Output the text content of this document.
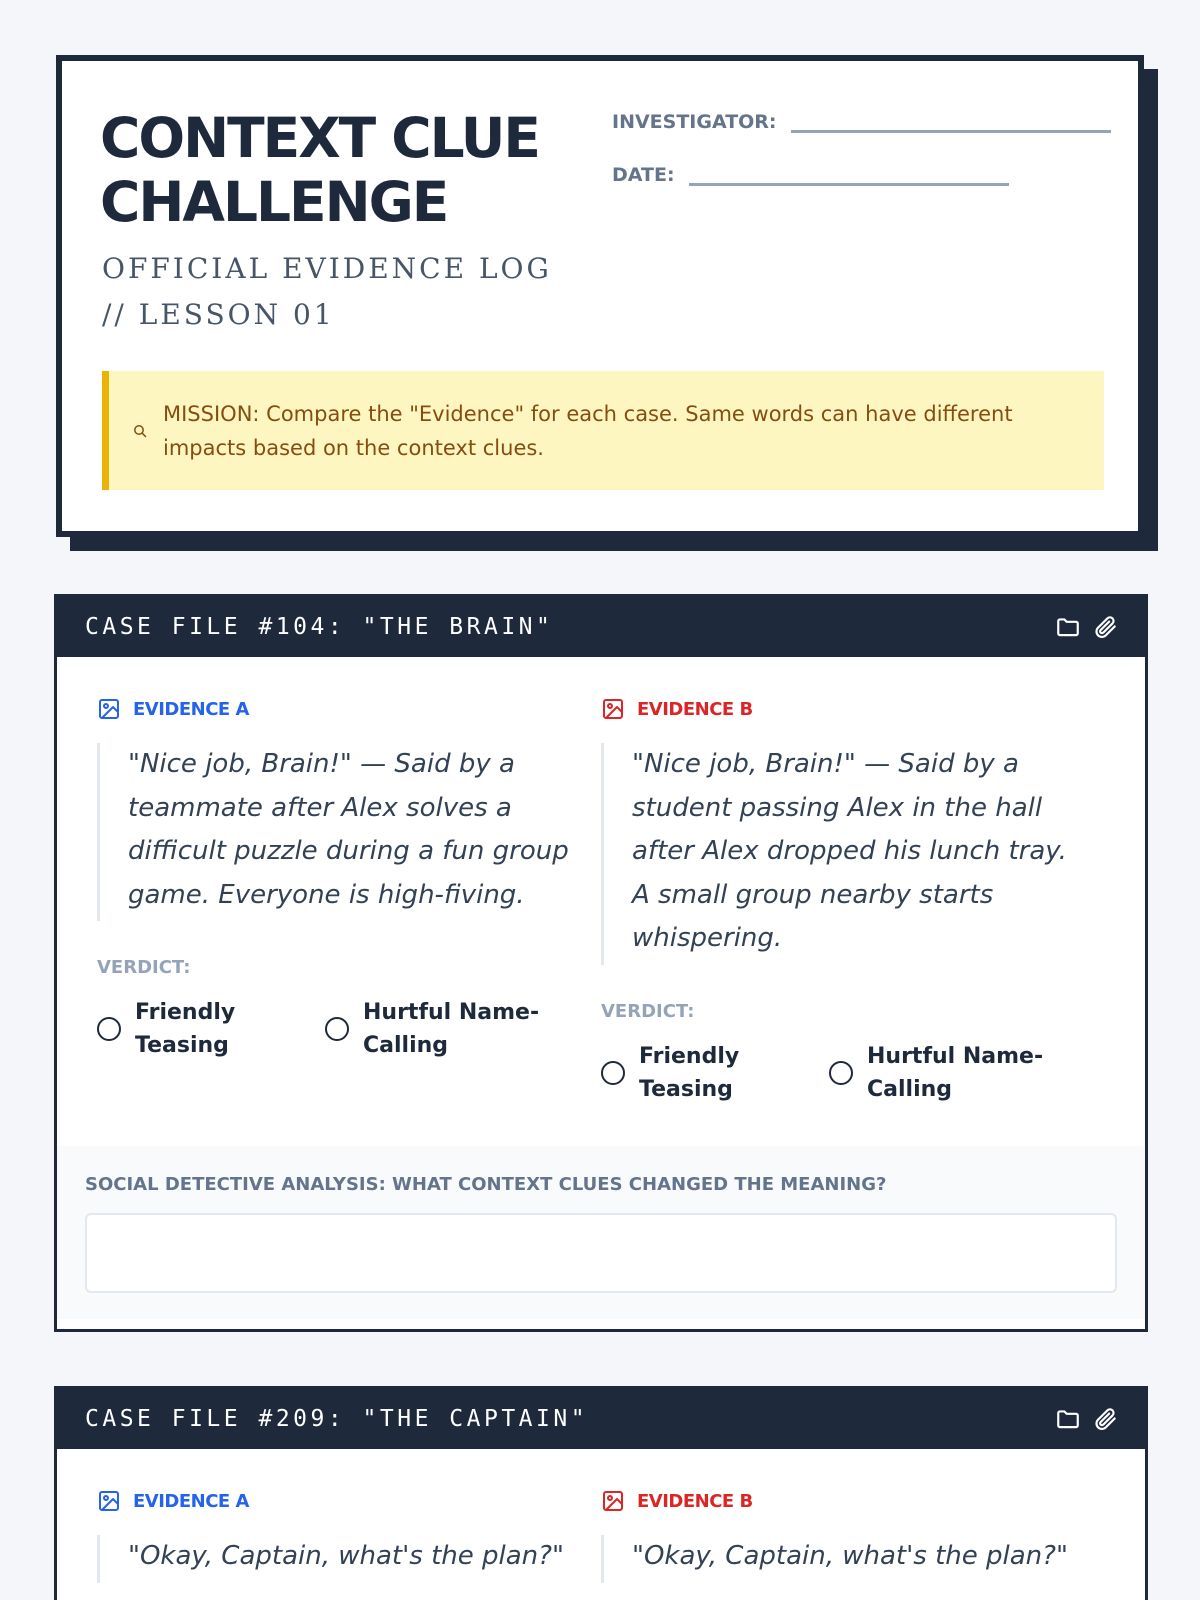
CONTEXT CLUE CHALLENGE
OFFICIAL EVIDENCE LOG // LESSON 01
INVESTIGATOR:
DATE:
MISSION: Compare the "Evidence" for each case. Same words can have different impacts based on the context clues.
CASE FILE #104: "THE BRAIN"
EVIDENCE A
"Nice job, Brain!" — Said by a teammate after Alex solves a difficult puzzle during a fun group game. Everyone is high-fiving.
VERDICT:
Friendly Teasing
Hurtful Name-Calling
EVIDENCE B
"Nice job, Brain!" — Said by a student passing Alex in the hall after Alex dropped his lunch tray. A small group nearby starts whispering.
VERDICT:
Friendly Teasing
Hurtful Name-Calling
SOCIAL DETECTIVE ANALYSIS: WHAT CONTEXT CLUES CHANGED THE MEANING?
CASE FILE #209: "THE CAPTAIN"
EVIDENCE A
"Okay, Captain, what's the plan?"
EVIDENCE B
"Okay, Captain, what's the plan?"
